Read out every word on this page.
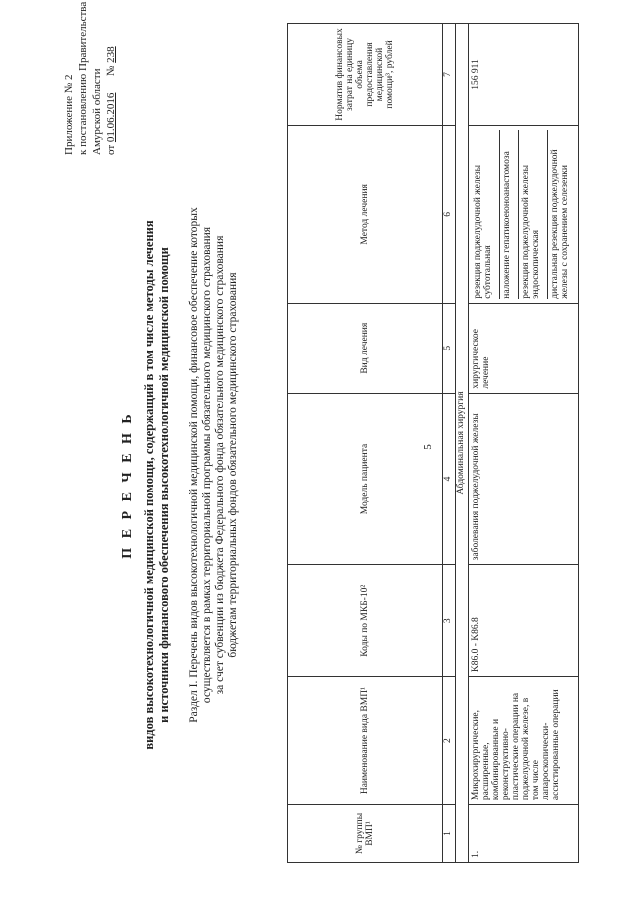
5
Приложение № 2 к постановлению Правительства Амурской области от 01.06.2016      № 238
П Е Р Е Ч Е Н Ь видов высокотехнологичной медицинской помощи, содержащий в том числе методы лечения и источники финансового обеспечения высокотехнологичной медицинской помощи Раздел I. Перечень видов высокотехнологичной медицинской помощи, финансовое обеспечение которых осуществляется в рамках территориальной программы обязательного медицинского страхования за счет субвенции из бюджета Федерального фонда обязательного медицинского страхования бюджетам территориальных фондов обязательного медицинского страхования
№ группы ВМП¹	Наименование вида ВМП¹	Коды по МКБ-10²	Модель пациента	Вид лечения	Метод лечения	Норматив финансовых затрат на единицу объема предоставления медицинской помощи³, рублей
1	2	3	4	5	6	7
Абдоминальная хирургия						
1.	Микрохирургические, расширенные, комбинированные и реконструктивно-пластические операции на поджелудочной железе, в том числе лапароскопически-ассистированные операции	K86.0 - K86.8	заболевания поджелудочной железы	хирургическое лечение	резекция поджелудочной железы субтотальная наложение гепатикоеюноанастомоза резекция поджелудочной железы эндоскопическая дистальная резекция поджелудочной железы с сохранением селезенки	156 911
